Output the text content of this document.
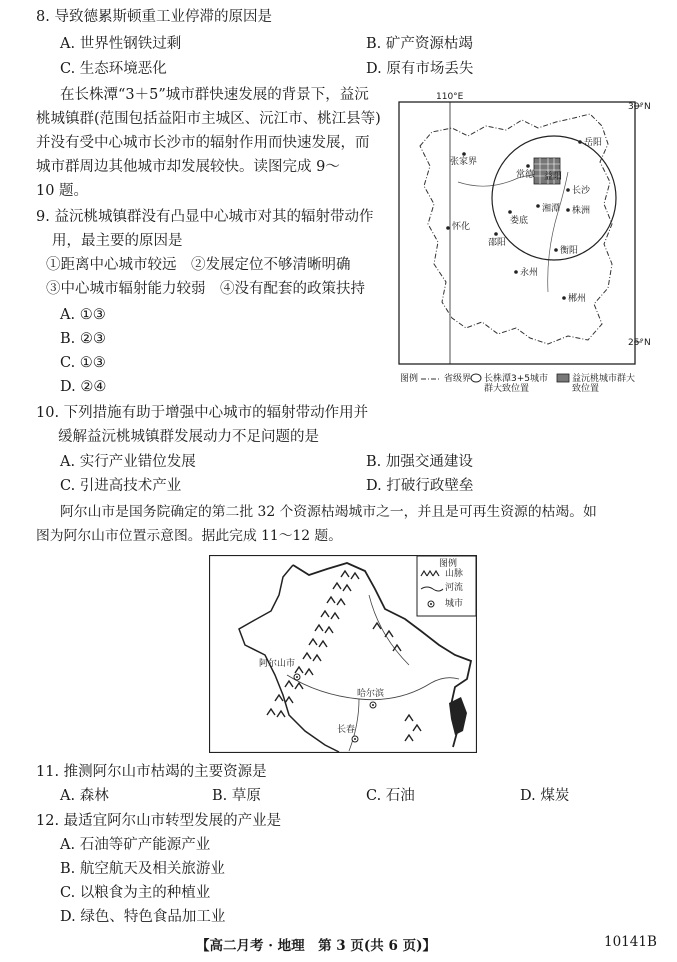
8. 导致德累斯顿重工业停滞的原因是
A. 世界性钢铁过剩	B. 矿产资源枯竭
C. 生态环境恶化	D. 原有市场丢失
在长株潭“3＋5”城市群快速发展的背景下，益沅
桃城镇群(范围包括益阳市主城区、沅江市、桃江县等)
并没有受中心城市长沙市的辐射作用而快速发展，而
城市群周边其他城市却发展较快。读图完成 9～
10 题。
9. 益沅桃城镇群没有凸显中心城市对其的辐射带动作
用，最主要的原因是
①距离中心城市较远　②发展定位不够清晰明确
③中心城市辐射能力较弱　④没有配套的政策扶持
A. ①③
B. ②③
C. ①③
D. ②④
110°E
30°N
25°N
张家界
常德
岳阳
益阳
长沙
湘潭 株洲
怀化
娄底
邵阳
衡阳
永州
郴州
图例	省级界 长株潭3+5城市群大致位置
益沅桃城市群大致位置
10. 下列措施有助于增强中心城市的辐射带动作用并
缓解益沅桃城镇群发展动力不足问题的是
A. 实行产业错位发展	B. 加强交通建设
C. 引进高技术产业	D. 打破行政壁垒
阿尔山市是国务院确定的第二批 32 个资源枯竭城市之一，并且是可再生资源的枯竭。如
图为阿尔山市位置示意图。据此完成 11～12 题。
图例
山脉
河流
城市
阿尔山市
哈尔滨
长春
11. 推测阿尔山市枯竭的主要资源是
A. 森林	B. 草原	C. 石油	D. 煤炭
12. 最适宜阿尔山市转型发展的产业是
A. 石油等矿产能源产业
B. 航空航天及相关旅游业
C. 以粮食为主的种植业
D. 绿色、特色食品加工业
【高二月考 · 地理　第 3 页(共 6 页)】	10141B
